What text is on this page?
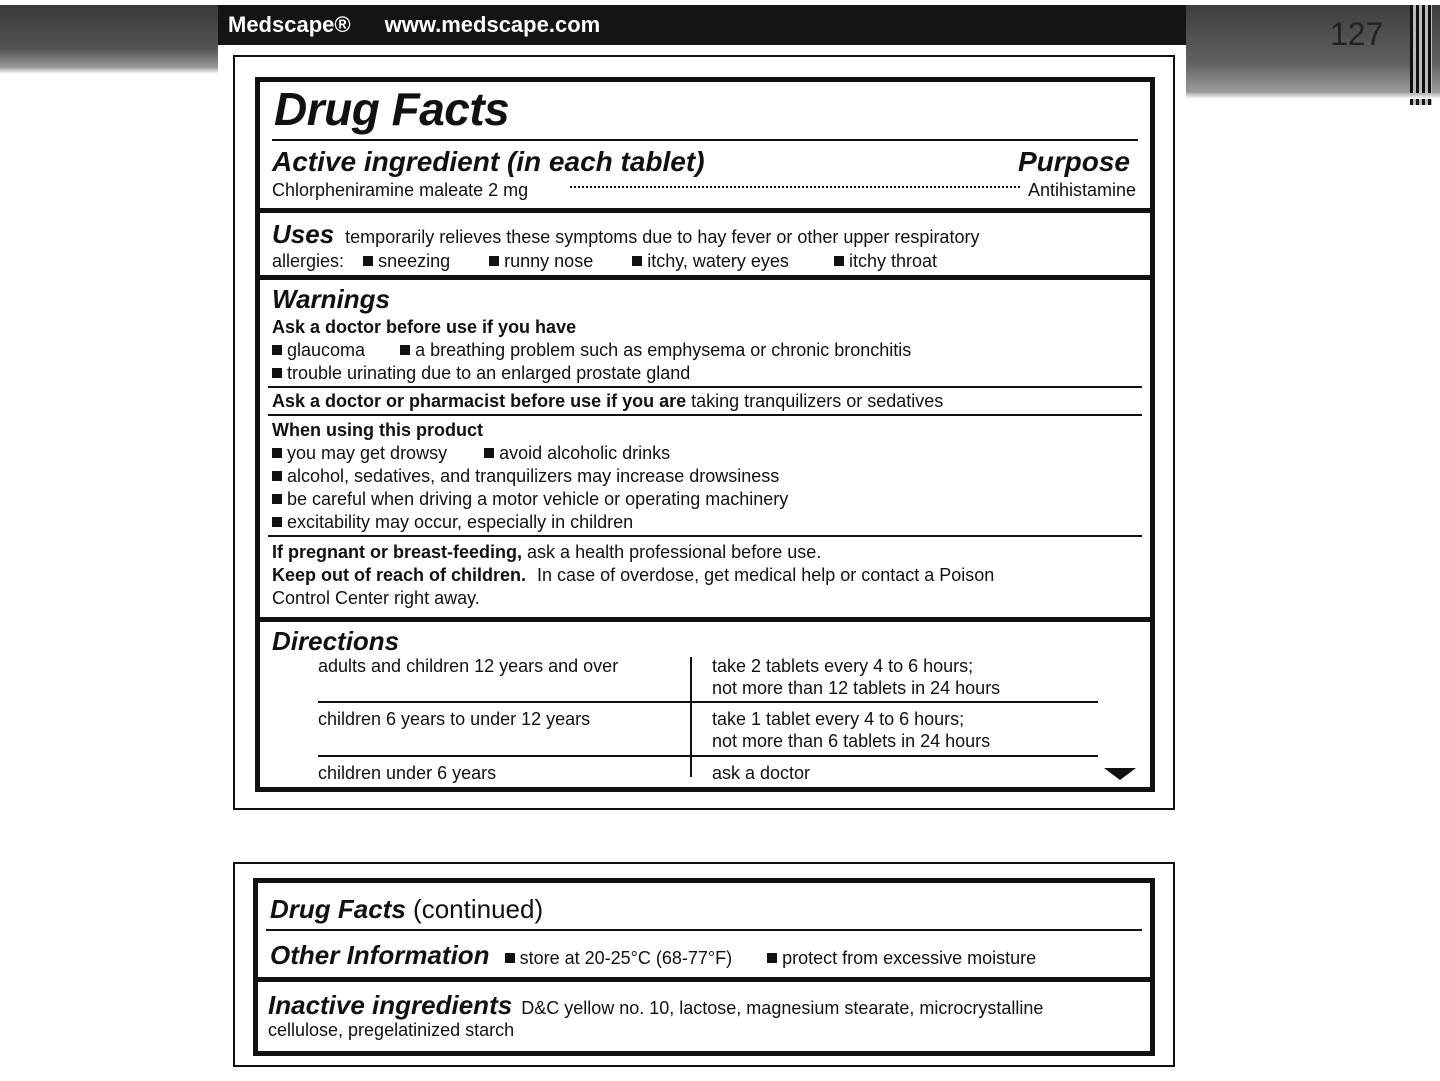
127
Medscape® www.medscape.com
Drug Facts
Active ingredient (in each tablet)	Purpose
Chlorpheniramine maleate 2 mg	Antihistamine
Uses temporarily relieves these symptoms due to hay fever or other upper respiratory
allergies: sneezing	runny nose	itchy, watery eyes	itchy throat
Warnings
Ask a doctor before use if you have
glaucoma	a breathing problem such as emphysema or chronic bronchitis
trouble urinating due to an enlarged prostate gland
Ask a doctor or pharmacist before use if you are taking tranquilizers or sedatives
When using this product
you may get drowsy	avoid alcoholic drinks
alcohol, sedatives, and tranquilizers may increase drowsiness
be careful when driving a motor vehicle or operating machinery
excitability may occur, especially in children
If pregnant or breast-feeding, ask a health professional before use.
Keep out of reach of children. In case of overdose, get medical help or contact a Poison
Control Center right away.
Directions
adults and children 12 years and over	take 2 tablets every 4 to 6 hours;
not more than 12 tablets in 24 hours
children 6 years to under 12 years	take 1 tablet every 4 to 6 hours;
not more than 6 tablets in 24 hours
children under 6 years	ask a doctor
Drug Facts (continued)
Other Information store at 20-25°C (68-77°F)	protect from excessive moisture
Inactive ingredients D&C yellow no. 10, lactose, magnesium stearate, microcrystalline
cellulose, pregelatinized starch
